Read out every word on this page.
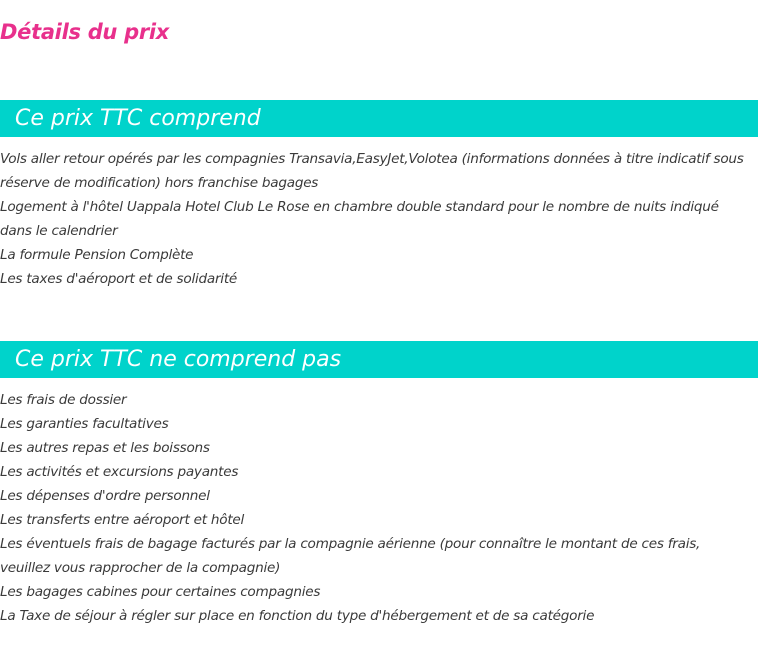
Détails du prix
Ce prix TTC comprend
Vols aller retour opérés par les compagnies Transavia,EasyJet,Volotea (informations données à titre indicatif sous réserve de modification) hors franchise bagages
Logement à l'hôtel Uappala Hotel Club Le Rose en chambre double standard pour le nombre de nuits indiqué dans le calendrier
La formule Pension Complète
Les taxes d'aéroport et de solidarité
Ce prix TTC ne comprend pas
Les frais de dossier
Les garanties facultatives
Les autres repas et les boissons
Les activités et excursions payantes
Les dépenses d'ordre personnel
Les transferts entre aéroport et hôtel
Les éventuels frais de bagage facturés par la compagnie aérienne (pour connaître le montant de ces frais, veuillez vous rapprocher de la compagnie)
Les bagages cabines pour certaines compagnies
La Taxe de séjour à régler sur place en fonction du type d'hébergement et de sa catégorie
